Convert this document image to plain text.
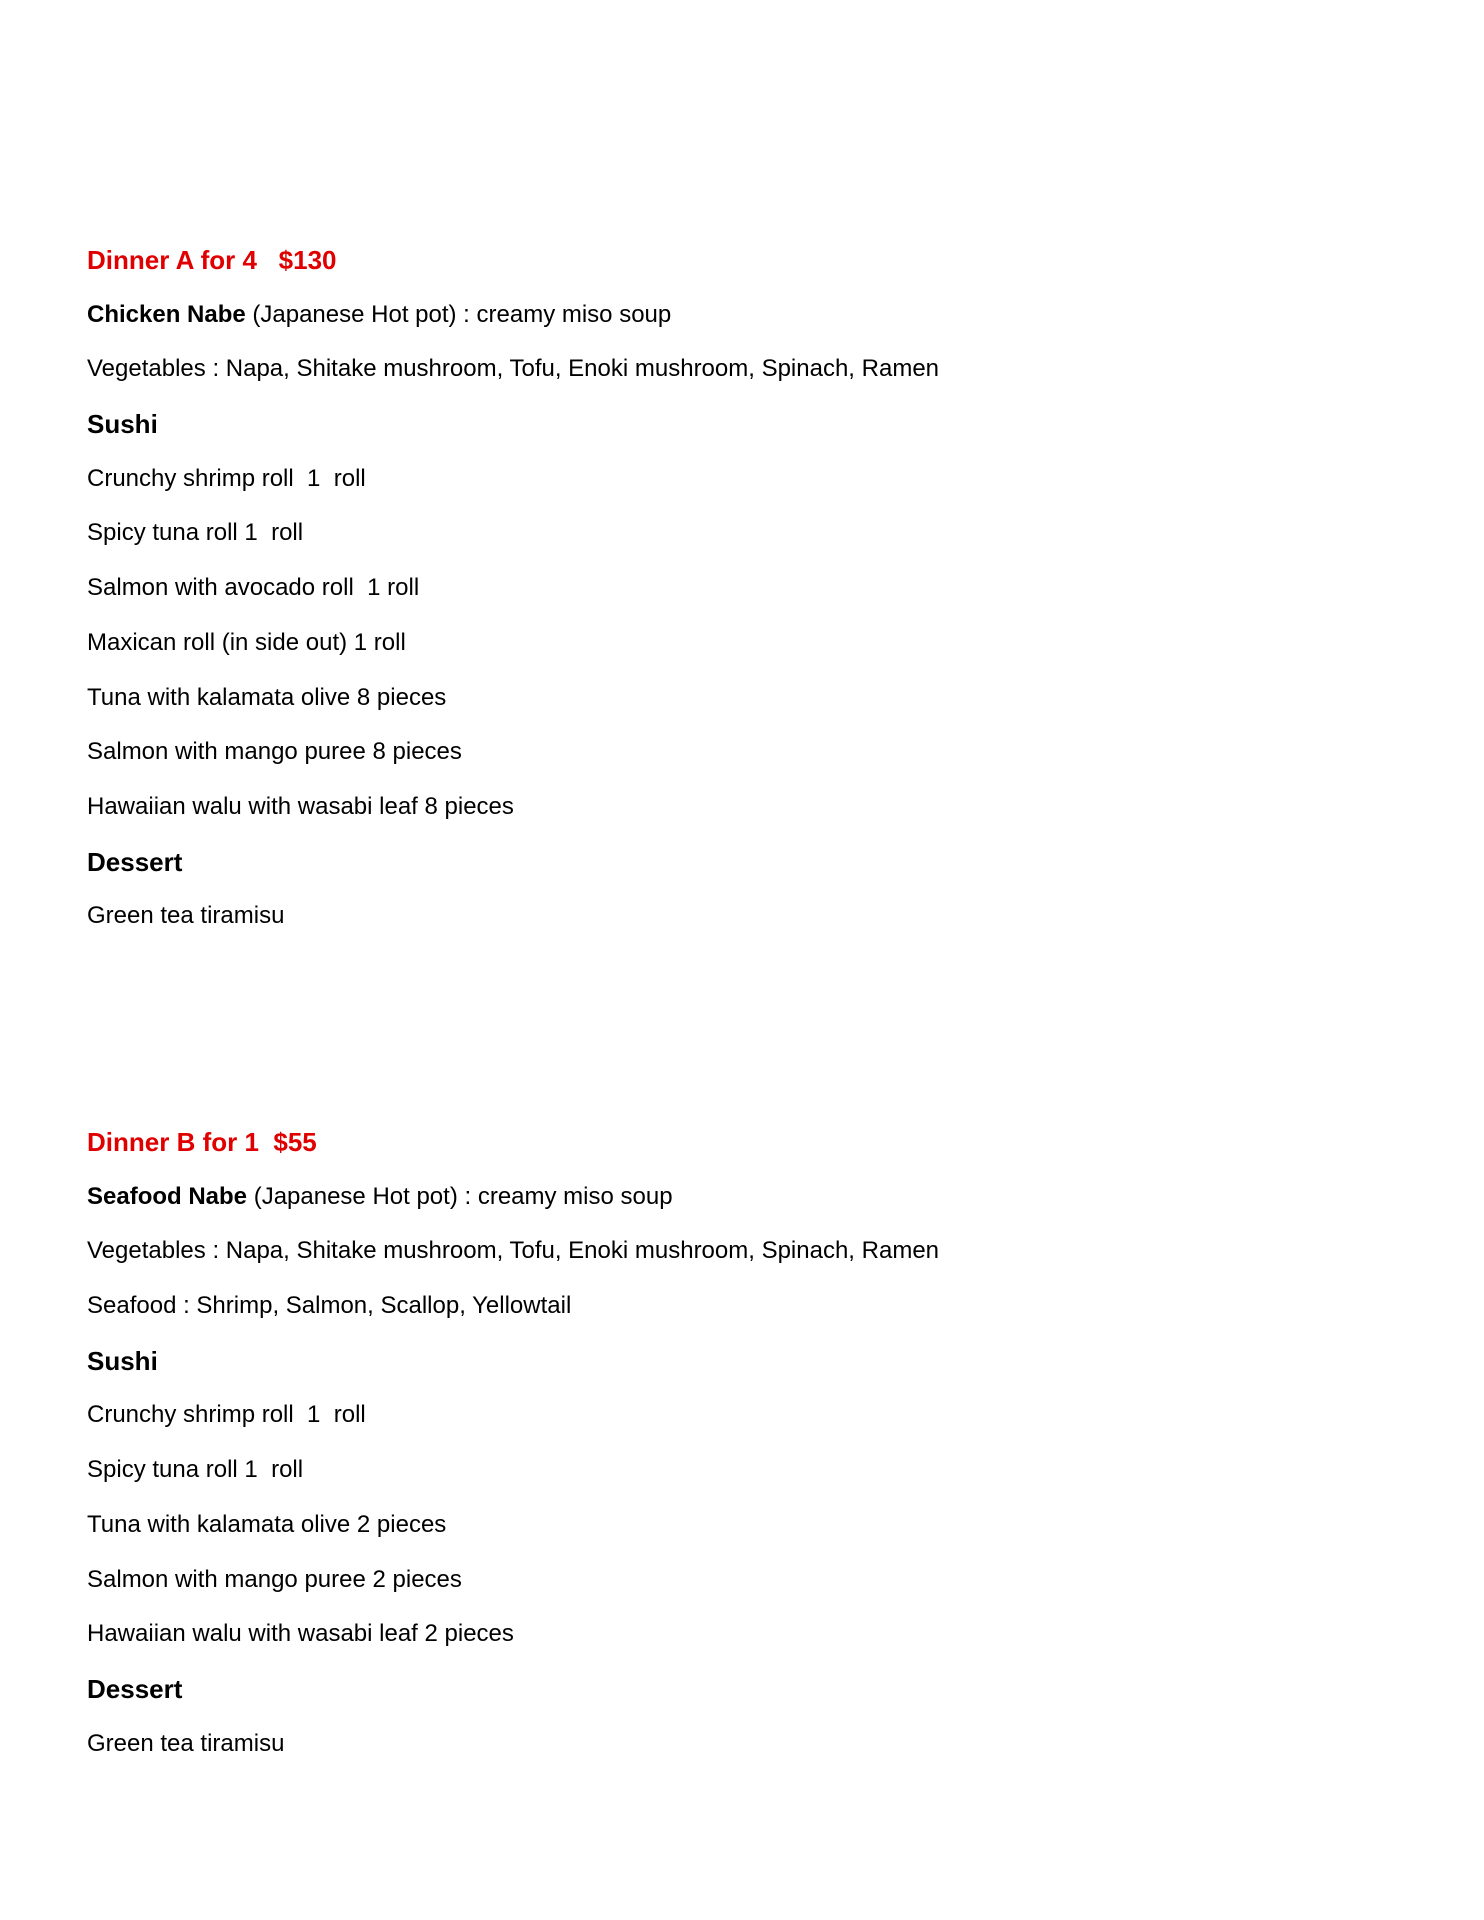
Dinner A for 4   $130

Chicken Nabe (Japanese Hot pot) : creamy miso soup

Vegetables : Napa, Shitake mushroom, Tofu, Enoki mushroom, Spinach, Ramen

Sushi

Crunchy shrimp roll  1  roll

Spicy tuna roll 1  roll

Salmon with avocado roll  1 roll

Maxican roll (in side out) 1 roll

Tuna with kalamata olive 8 pieces

Salmon with mango puree 8 pieces

Hawaiian walu with wasabi leaf 8 pieces

Dessert

Green tea tiramisu

Dinner B for 1  $55

Seafood Nabe (Japanese Hot pot) : creamy miso soup

Vegetables : Napa, Shitake mushroom, Tofu, Enoki mushroom, Spinach, Ramen

Seafood : Shrimp, Salmon, Scallop, Yellowtail

Sushi

Crunchy shrimp roll  1  roll

Spicy tuna roll 1  roll

Tuna with kalamata olive 2 pieces

Salmon with mango puree 2 pieces

Hawaiian walu with wasabi leaf 2 pieces

Dessert

Green tea tiramisu
